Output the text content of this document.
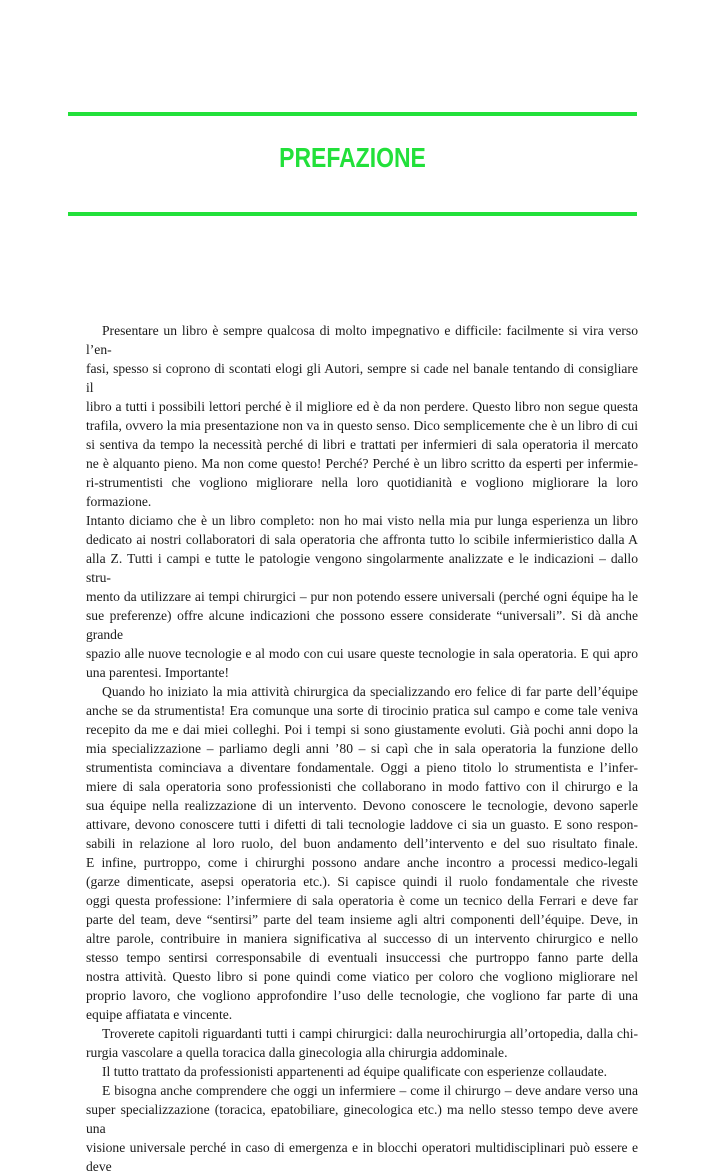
PREFAZIONE

Presentare un libro è sempre qualcosa di molto impegnativo e difficile: facilmente si vira verso l’en-

fasi, spesso si coprono di scontati elogi gli Autori, sempre si cade nel banale tentando di consigliare il

libro a tutti i possibili lettori perché è il migliore ed è da non perdere. Questo libro non segue questa

trafila, ovvero la mia presentazione non va in questo senso. Dico semplicemente che è un libro di cui

si sentiva da tempo la necessità perché di libri e trattati per infermieri di sala operatoria il mercato

ne è alquanto pieno. Ma non come questo! Perché? Perché è un libro scritto da esperti per infermie-

ri-strumentisti che vogliono migliorare nella loro quotidianità e vogliono migliorare la loro formazione.

Intanto diciamo che è un libro completo: non ho mai visto nella mia pur lunga esperienza un libro

dedicato ai nostri collaboratori di sala operatoria che affronta tutto lo scibile infermieristico dalla A

alla Z. Tutti i campi e tutte le patologie vengono singolarmente analizzate e le indicazioni – dallo stru-

mento da utilizzare ai tempi chirurgici – pur non potendo essere universali (perché ogni équipe ha le

sue preferenze) offre alcune indicazioni che possono essere considerate “universali”. Si dà anche grande

spazio alle nuove tecnologie e al modo con cui usare queste tecnologie in sala operatoria. E qui apro

una parentesi. Importante!

Quando ho iniziato la mia attività chirurgica da specializzando ero felice di far parte dell’équipe

anche se da strumentista! Era comunque una sorte di tirocinio pratica sul campo e come tale veniva

recepito da me e dai miei colleghi. Poi i tempi si sono giustamente evoluti. Già pochi anni dopo la

mia specializzazione – parliamo degli anni ’80 – si capì che in sala operatoria la funzione dello

strumentista cominciava a diventare fondamentale. Oggi a pieno titolo lo strumentista e l’infer-

miere di sala operatoria sono professionisti che collaborano in modo fattivo con il chirurgo e la

sua équipe nella realizzazione di un intervento. Devono conoscere le tecnologie, devono saperle

attivare, devono conoscere tutti i difetti di tali tecnologie laddove ci sia un guasto. E sono respon-

sabili in relazione al loro ruolo, del buon andamento dell’intervento e del suo risultato finale.

E infine, purtroppo, come i chirurghi possono andare anche incontro a processi medico-legali

(garze dimenticate, asepsi operatoria etc.). Si capisce quindi il ruolo fondamentale che riveste

oggi questa professione: l’infermiere di sala operatoria è come un tecnico della Ferrari e deve far

parte del team, deve “sentirsi” parte del team insieme agli altri componenti dell’équipe. Deve, in

altre parole, contribuire in maniera significativa al successo di un intervento chirurgico e nello

stesso tempo sentirsi corresponsabile di eventuali insuccessi che purtroppo fanno parte della

nostra attività. Questo libro si pone quindi come viatico per coloro che vogliono migliorare nel

proprio lavoro, che vogliono approfondire l’uso delle tecnologie, che vogliono far parte di una

equipe affiatata e vincente.

Troverete capitoli riguardanti tutti i campi chirurgici: dalla neurochirurgia all’ortopedia, dalla chi-

rurgia vascolare a quella toracica dalla ginecologia alla chirurgia addominale.

Il tutto trattato da professionisti appartenenti ad équipe qualificate con esperienze collaudate.

E bisogna anche comprendere che oggi un infermiere – come il chirurgo – deve andare verso una

super specializzazione (toracica, epatobiliare, ginecologica etc.) ma nello stesso tempo deve avere una

visione universale perché in caso di emergenza e in blocchi operatori multidisciplinari può essere e deve
